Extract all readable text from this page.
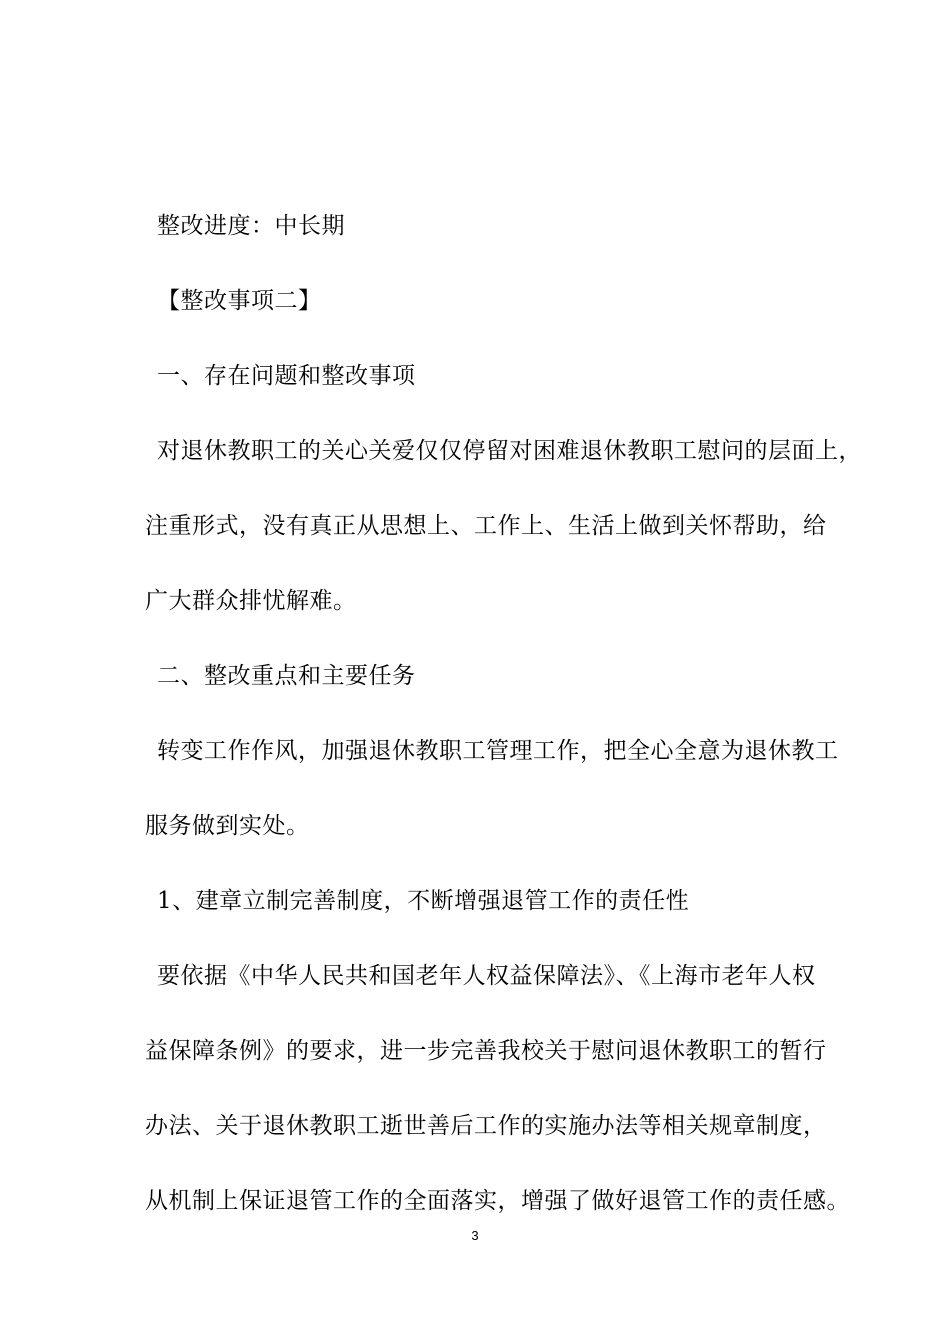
整改进度：中长期
【整改事项二】
一、存在问题和整改事项
对退休教职工的关心关爱仅仅停留对困难退休教职工慰问的层面上，
注重形式，没有真正从思想上、工作上、生活上做到关怀帮助，给
广大群众排忧解难。
二、整改重点和主要任务
转变工作作风，加强退休教职工管理工作，把全心全意为退休教工
服务做到实处。
1、建章立制完善制度，不断增强退管工作的责任性
要依据《中华人民共和国老年人权益保障法》、《上海市老年人权
益保障条例》的要求，进一步完善我校关于慰问退休教职工的暂行
办法、关于退休教职工逝世善后工作的实施办法等相关规章制度，
从机制上保证退管工作的全面落实，增强了做好退管工作的责任感。
3
